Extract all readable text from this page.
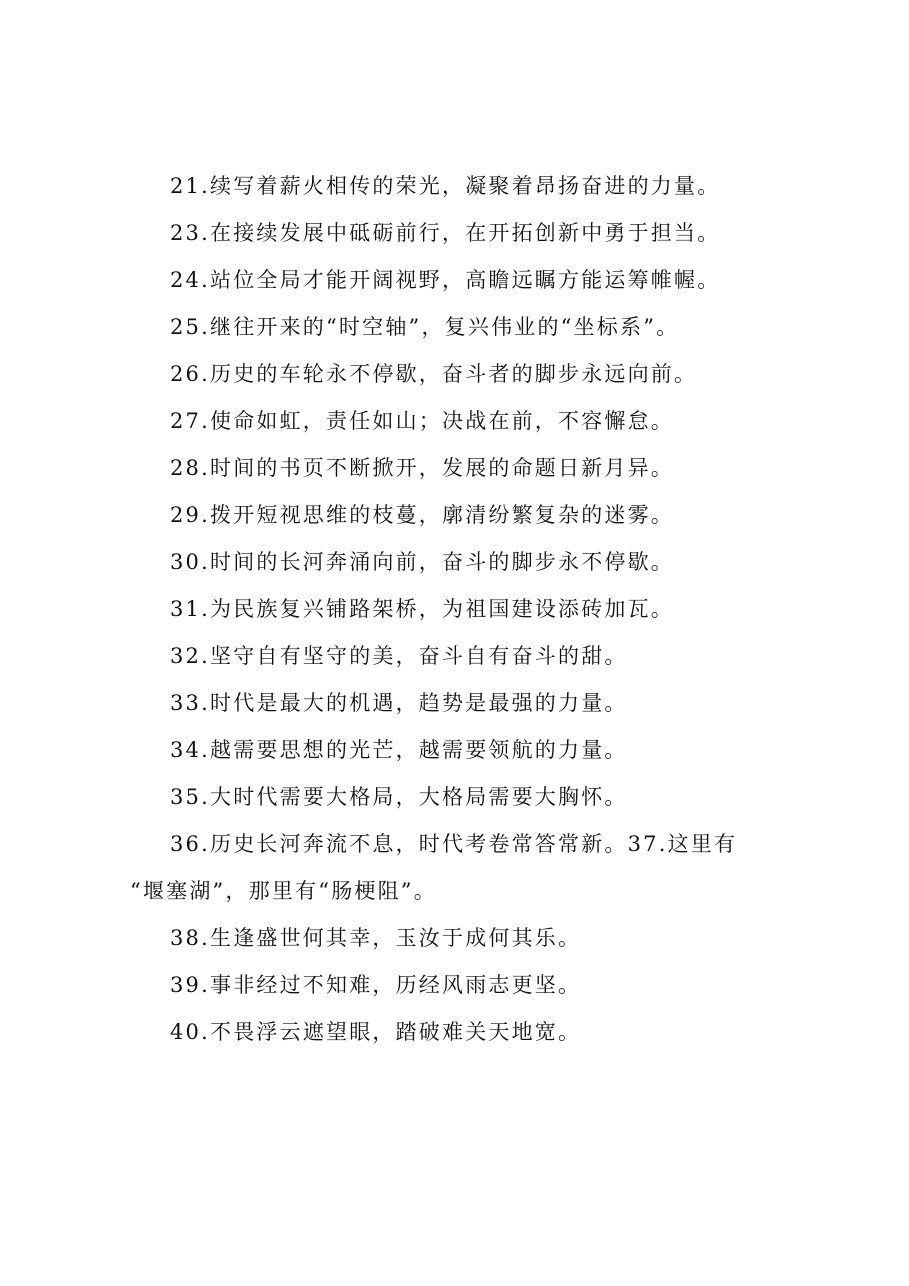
21.续写着薪火相传的荣光，凝聚着昂扬奋进的力量。
23.在接续发展中砥砺前行，在开拓创新中勇于担当。
24.站位全局才能开阔视野，高瞻远瞩方能运筹帷幄。
25.继往开来的“时空轴”，复兴伟业的“坐标系”。
26.历史的车轮永不停歇，奋斗者的脚步永远向前。
27.使命如虹，责任如山；决战在前，不容懈怠。
28.时间的书页不断掀开，发展的命题日新月异。
29.拨开短视思维的枝蔓，廓清纷繁复杂的迷雾。
30.时间的长河奔涌向前，奋斗的脚步永不停歇。
31.为民族复兴铺路架桥，为祖国建设添砖加瓦。
32.坚守自有坚守的美，奋斗自有奋斗的甜。
33.时代是最大的机遇，趋势是最强的力量。
34.越需要思想的光芒，越需要领航的力量。
35.大时代需要大格局，大格局需要大胸怀。
36.历史长河奔流不息，时代考卷常答常新。37.这里有
“堰塞湖”，那里有“肠梗阻”。
38.生逢盛世何其幸，玉汝于成何其乐。
39.事非经过不知难，历经风雨志更坚。
40.不畏浮云遮望眼，踏破难关天地宽。
